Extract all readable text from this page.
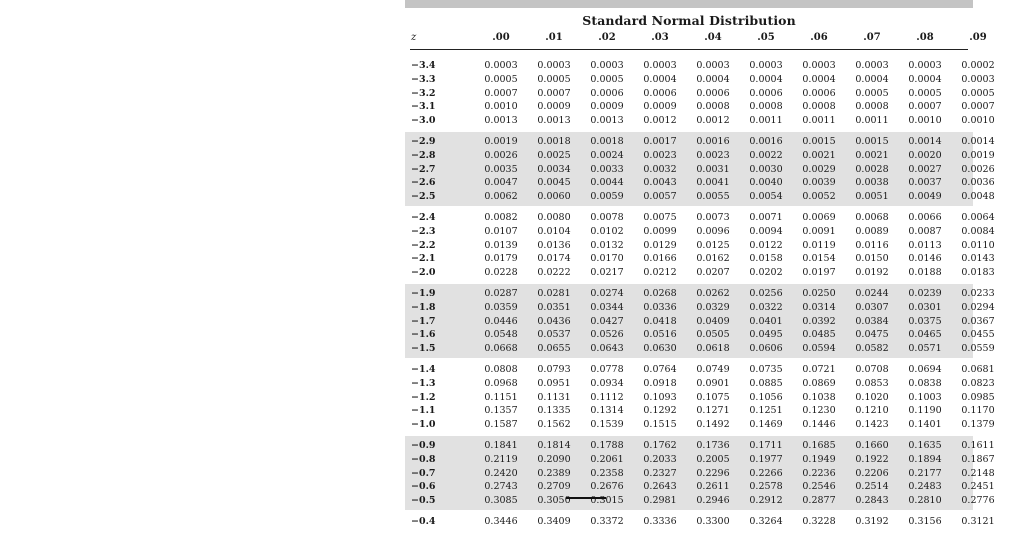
Standard Normal Distribution
z	.00	.01	.02	.03	.04	.05	.06	.07	.08	.09
−3.4	0.0003	0.0003	0.0003	0.0003	0.0003	0.0003	0.0003	0.0003	0.0003	0.0002
−3.3	0.0005	0.0005	0.0005	0.0004	0.0004	0.0004	0.0004	0.0004	0.0004	0.0003
−3.2	0.0007	0.0007	0.0006	0.0006	0.0006	0.0006	0.0006	0.0005	0.0005	0.0005
−3.1	0.0010	0.0009	0.0009	0.0009	0.0008	0.0008	0.0008	0.0008	0.0007	0.0007
−3.0	0.0013	0.0013	0.0013	0.0012	0.0012	0.0011	0.0011	0.0011	0.0010	0.0010
−2.9	0.0019	0.0018	0.0018	0.0017	0.0016	0.0016	0.0015	0.0015	0.0014	0.0014
−2.8	0.0026	0.0025	0.0024	0.0023	0.0023	0.0022	0.0021	0.0021	0.0020	0.0019
−2.7	0.0035	0.0034	0.0033	0.0032	0.0031	0.0030	0.0029	0.0028	0.0027	0.0026
−2.6	0.0047	0.0045	0.0044	0.0043	0.0041	0.0040	0.0039	0.0038	0.0037	0.0036
−2.5	0.0062	0.0060	0.0059	0.0057	0.0055	0.0054	0.0052	0.0051	0.0049	0.0048
−2.4	0.0082	0.0080	0.0078	0.0075	0.0073	0.0071	0.0069	0.0068	0.0066	0.0064
−2.3	0.0107	0.0104	0.0102	0.0099	0.0096	0.0094	0.0091	0.0089	0.0087	0.0084
−2.2	0.0139	0.0136	0.0132	0.0129	0.0125	0.0122	0.0119	0.0116	0.0113	0.0110
−2.1	0.0179	0.0174	0.0170	0.0166	0.0162	0.0158	0.0154	0.0150	0.0146	0.0143
−2.0	0.0228	0.0222	0.0217	0.0212	0.0207	0.0202	0.0197	0.0192	0.0188	0.0183
−1.9	0.0287	0.0281	0.0274	0.0268	0.0262	0.0256	0.0250	0.0244	0.0239	0.0233
−1.8	0.0359	0.0351	0.0344	0.0336	0.0329	0.0322	0.0314	0.0307	0.0301	0.0294
−1.7	0.0446	0.0436	0.0427	0.0418	0.0409	0.0401	0.0392	0.0384	0.0375	0.0367
−1.6	0.0548	0.0537	0.0526	0.0516	0.0505	0.0495	0.0485	0.0475	0.0465	0.0455
−1.5	0.0668	0.0655	0.0643	0.0630	0.0618	0.0606	0.0594	0.0582	0.0571	0.0559
−1.4	0.0808	0.0793	0.0778	0.0764	0.0749	0.0735	0.0721	0.0708	0.0694	0.0681
−1.3	0.0968	0.0951	0.0934	0.0918	0.0901	0.0885	0.0869	0.0853	0.0838	0.0823
−1.2	0.1151	0.1131	0.1112	0.1093	0.1075	0.1056	0.1038	0.1020	0.1003	0.0985
−1.1	0.1357	0.1335	0.1314	0.1292	0.1271	0.1251	0.1230	0.1210	0.1190	0.1170
−1.0	0.1587	0.1562	0.1539	0.1515	0.1492	0.1469	0.1446	0.1423	0.1401	0.1379
−0.9	0.1841	0.1814	0.1788	0.1762	0.1736	0.1711	0.1685	0.1660	0.1635	0.1611
−0.8	0.2119	0.2090	0.2061	0.2033	0.2005	0.1977	0.1949	0.1922	0.1894	0.1867
−0.7	0.2420	0.2389	0.2358	0.2327	0.2296	0.2266	0.2236	0.2206	0.2177	0.2148
−0.6	0.2743	0.2709	0.2676	0.2643	0.2611	0.2578	0.2546	0.2514	0.2483	0.2451
−0.5	0.3085	0.3050	0.3015	0.2981	0.2946	0.2912	0.2877	0.2843	0.2810	0.2776
−0.4	0.3446	0.3409	0.3372	0.3336	0.3300	0.3264	0.3228	0.3192	0.3156	0.3121
